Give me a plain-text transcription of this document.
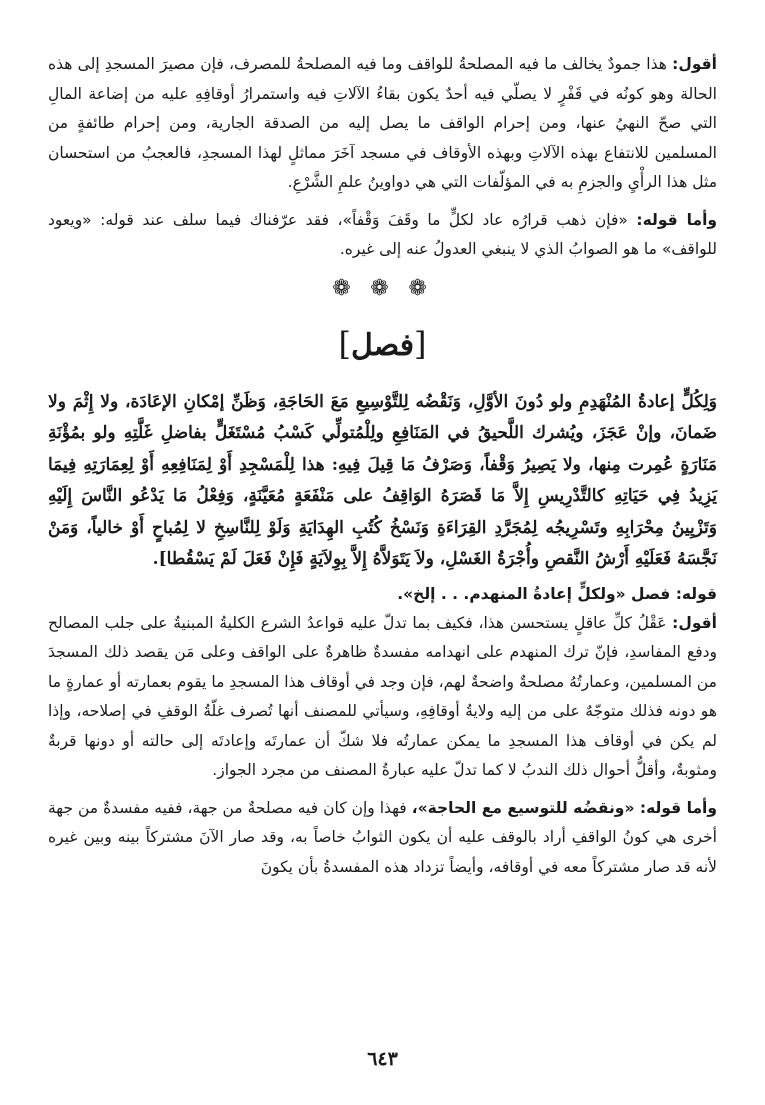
أقول: هذا جمودٌ يخالف ما فيه المصلحةُ للواقف وما فيه المصلحةُ للمصرف، فإن مصيرَ المسجدِ إلى هذه الحالة وهو كونُه في قَفْرٍ لا يصلّي فيه أحدٌ يكون بقاءُ الآلاتِ فيه واستمرارُ أوقافِهِ عليه من إضاعة المالِ التي صحّ النهيُ عنها، ومن إحرام الواقف ما يصل إليه من الصدقة الجارية، ومن إحرام طائفةٍ من المسلمين للانتفاع بهذه الآلاتِ وبهذه الأوقاف في مسجد آخَرَ مماثلٍ لهذا المسجدِ، فالعجبُ من استحسان مثل هذا الرأْيِ والجزمِ به في المؤلّفات التي هي دواوينُ علمِ الشَّرْعِ.

وأما قوله: «فإن ذهب قرارُه عاد لكلٍّ ما وقَفَ وَقْفاً»، فقد عرّفناك فيما سلف عند قوله: «ويعود للواقف» ما هو الصوابُ الذي لا ينبغي العدولُ عنه إلى غيره.

❁ ❁ ❁
[فصل]

وَلِكُلٍّ إعادةُ المُنْهَدِمِ ولو دُونَ الأوَّلِ، وَنَقْضُه لِلتَّوْسِيعِ مَعَ الحَاجَةِ، وَظَنِّ إمْكانِ الإعَادَة، ولا إِثْمَ ولا ضَمانَ، وإنْ عَجَزَ، ويُشرك اللَّحيقُ في المَنَافِعِ ولِلْمُتولِّي كَسْبُ مُسْتَغَلٍّ بفاضلِ غَلَّتِهِ ولو بمُؤْنَةِ مَنَارَةٍ عُمِرت مِنها، ولا يَصِيرُ وَقْفاً، وَصَرْفُ مَا قِيلَ فِيهِ: هذا لِلْمَسْجِدِ أَوْ لِمَنَافِعِهِ أَوْ لِعِمَارَتِهِ فِيمَا يَزِيدُ فِي حَيَاتِهِ كالتَّدْرِيسِ إِلاَّ مَا قَصَرَهُ الوَاقِفُ على مَنْفَعَةٍ مُعَيَّنَةٍ، وَفِعْلُ مَا يَدْعُو النَّاسَ إِلَيْهِ وَتَزْيِينُ مِحْرَابِهِ وتَسْرِيجُه لِمُجَرَّدِ القِرَاءَةِ وَنَسْخُ كُتُبِ الهِدَايَةِ وَلَوْ لِلنَّاسِخِ لا لِمُباحٍ أَوْ خالياً، وَمَنْ نَجَّسَهُ فَعَلَيْهِ أَرْشُ النَّقصِ وأُجْرَةُ الغَسْلِ، ولاَ يَتَوَلاَّهُ إِلاَّ بِوِلاَيَةٍ فَإِنْ فَعَلَ لَمْ يَسْقُطا].

قوله: فصل «ولكلٍّ إعادةُ المنهدم. . . إلخ».

أقول: عَقْلُ كلِّ عاقلٍ يستحسن هذا، فكيف بما تدلّ عليه قواعدُ الشرع الكليةُ المبنيةُ على جلب المصالح ودفع المفاسدِ، فإنّ ترك المنهدم على انهدامه مفسدةٌ ظاهرةٌ على الواقف وعلى مَن يقصد ذلك المسجدَ من المسلمين، وعمارتُهُ مصلحةٌ واضحةٌ لهم، فإن وجد في أوقاف هذا المسجدِ ما يقوم بعمارته أو عمارةٍ ما هو دونه فذلك متوجّهٌ على من إليه ولايةُ أوقافِهِ، وسيأتي للمصنف أنها تُصرف غلّةُ الوقفِ في إصلاحه، وإذا لم يكن في أوقاف هذا المسجدِ ما يمكن عمارتُه فلا شكّ أن عمارتَه وإعادتَه إلى حالته أو دونها قربةٌ ومثوبةٌ، وأقلُّ أحوال ذلك الندبُ لا كما تدلّ عليه عبارةُ المصنف من مجرد الجواز.

وأما قوله: «ونقضُه للتوسيع مع الحاجة»، فهذا وإن كان فيه مصلحةٌ من جهة، ففيه مفسدةٌ من جهة أخرى هي كونُ الواقفِ أراد بالوقف عليه أن يكون الثوابُ خاصاً به، وقد صار الآنَ مشتركاً بينه وبين غيره لأنه قد صار مشتركاً معه في أوقافه، وأيضاً تزداد هذه المفسدةُ بأن يكونَ

٦٤٣
